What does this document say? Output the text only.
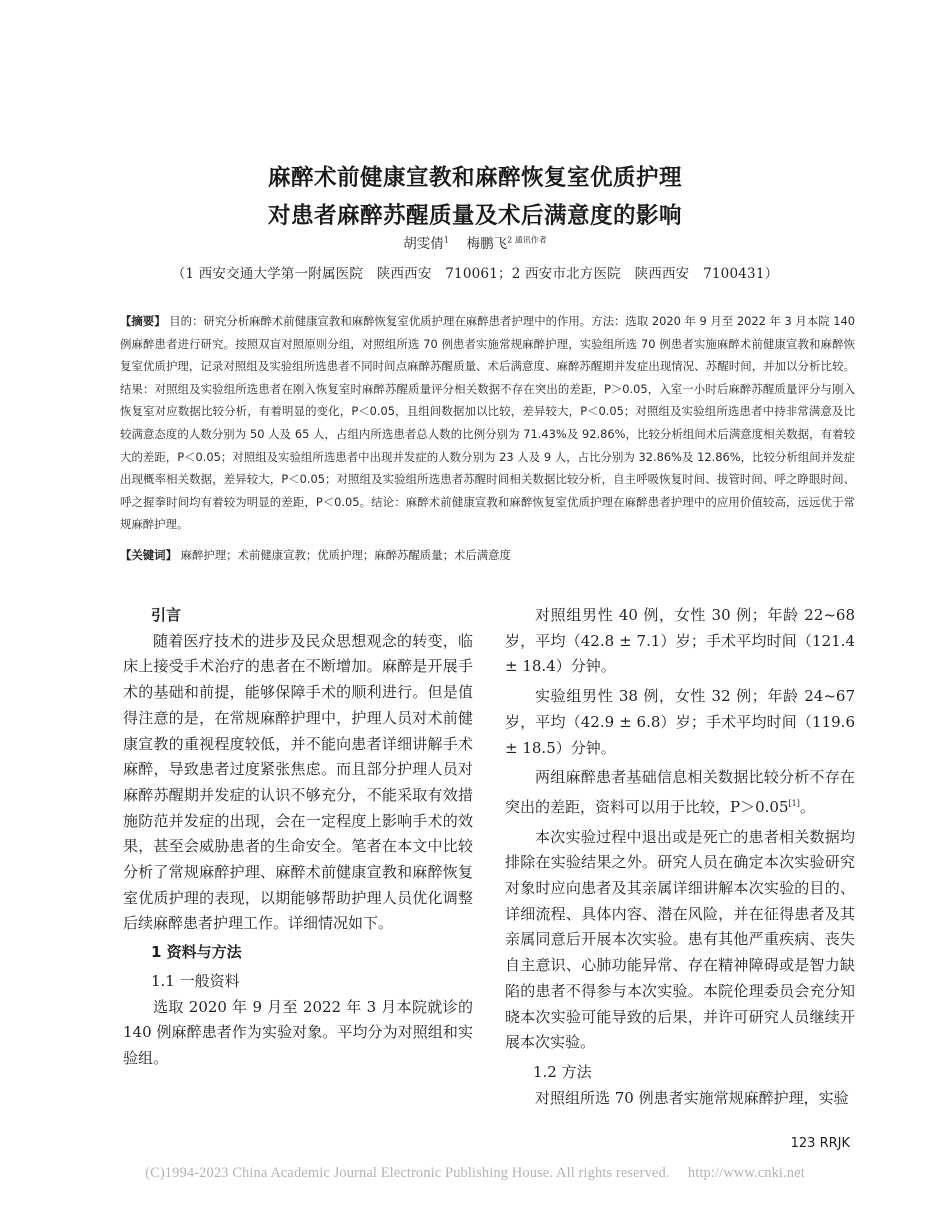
麻醉术前健康宣教和麻醉恢复室优质护理
对患者麻醉苏醒质量及术后满意度的影响
胡雯倩$^1$　 梅鹏飞$^{2 通讯作者}$
（1 西安交通大学第一附属医院　陕西西安　710061；2 西安市北方医院　陕西西安　7100431）
【摘要】 目的：研究分析麻醉术前健康宣教和麻醉恢复室优质护理在麻醉患者护理中的作用。方法：选取 2020 年 9 月至 2022 年 3 月本院 140 例麻醉患者进行研究。按照双盲对照原则分组，对照组所选 70 例患者实施常规麻醉护理，实验组所选 70 例患者实施麻醉术前健康宣教和麻醉恢复室优质护理，记录对照组及实验组所选患者不同时间点麻醉苏醒质量、术后满意度、麻醉苏醒期并发症出现情况、苏醒时间，并加以分析比较。结果：对照组及实验组所选患者在刚入恢复室时麻醉苏醒质量评分相关数据不存在突出的差距，P＞0.05，入室一小时后麻醉苏醒质量评分与刚入恢复室对应数据比较分析，有着明显的变化，P＜0.05，且组间数据加以比较，差异较大，P＜0.05；对照组及实验组所选患者中持非常满意及比较满意态度的人数分别为 50 人及 65 人，占组内所选患者总人数的比例分别为 71.43%及 92.86%，比较分析组间术后满意度相关数据，有着较大的差距，P＜0.05；对照组及实验组所选患者中出现并发症的人数分别为 23 人及 9 人，占比分别为 32.86%及 12.86%，比较分析组间并发症出现概率相关数据，差异较大，P＜0.05；对照组及实验组所选患者苏醒时间相关数据比较分析，自主呼吸恢复时间、拔管时间、呼之睁眼时间、呼之握拳时间均有着较为明显的差距，P＜0.05。结论：麻醉术前健康宣教和麻醉恢复室优质护理在麻醉患者护理中的应用价值较高，远远优于常规麻醉护理。
【关键词】 麻醉护理；术前健康宣教；优质护理；麻醉苏醒质量；术后满意度
引言

随着医疗技术的进步及民众思想观念的转变，临床上接受手术治疗的患者在不断增加。麻醉是开展手术的基础和前提，能够保障手术的顺利进行。但是值得注意的是，在常规麻醉护理中，护理人员对术前健康宣教的重视程度较低，并不能向患者详细讲解手术麻醉，导致患者过度紧张焦虑。而且部分护理人员对麻醉苏醒期并发症的认识不够充分，不能采取有效措施防范并发症的出现，会在一定程度上影响手术的效果，甚至会威胁患者的生命安全。笔者在本文中比较分析了常规麻醉护理、麻醉术前健康宣教和麻醉恢复室优质护理的表现，以期能够帮助护理人员优化调整后续麻醉患者护理工作。详细情况如下。

1 资料与方法
1.1 一般资料

选取 2020 年 9 月至 2022 年 3 月本院就诊的 140 例麻醉患者作为实验对象。平均分为对照组和实验组。

对照组男性 40 例，女性 30 例；年龄 22~68 岁，平均（42.8 ± 7.1）岁；手术平均时间（121.4 ± 18.4）分钟。

实验组男性 38 例，女性 32 例；年龄 24~67 岁，平均（42.9 ± 6.8）岁；手术平均时间（119.6 ± 18.5）分钟。

两组麻醉患者基础信息相关数据比较分析不存在突出的差距，资料可以用于比较，P＞0.05[1]。

本次实验过程中退出或是死亡的患者相关数据均排除在实验结果之外。研究人员在确定本次实验研究对象时应向患者及其亲属详细讲解本次实验的目的、详细流程、具体内容、潜在风险，并在征得患者及其亲属同意后开展本次实验。患有其他严重疾病、丧失自主意识、心肺功能异常、存在精神障碍或是智力缺陷的患者不得参与本次实验。本院伦理委员会充分知晓本次实验可能导致的后果，并许可研究人员继续开展本次实验。

1.2 方法

对照组所选 70 例患者实施常规麻醉护理，实验

123 RRJK
(C)1994-2023 China Academic Journal Electronic Publishing House. All rights reserved.　 http://www.cnki.net
